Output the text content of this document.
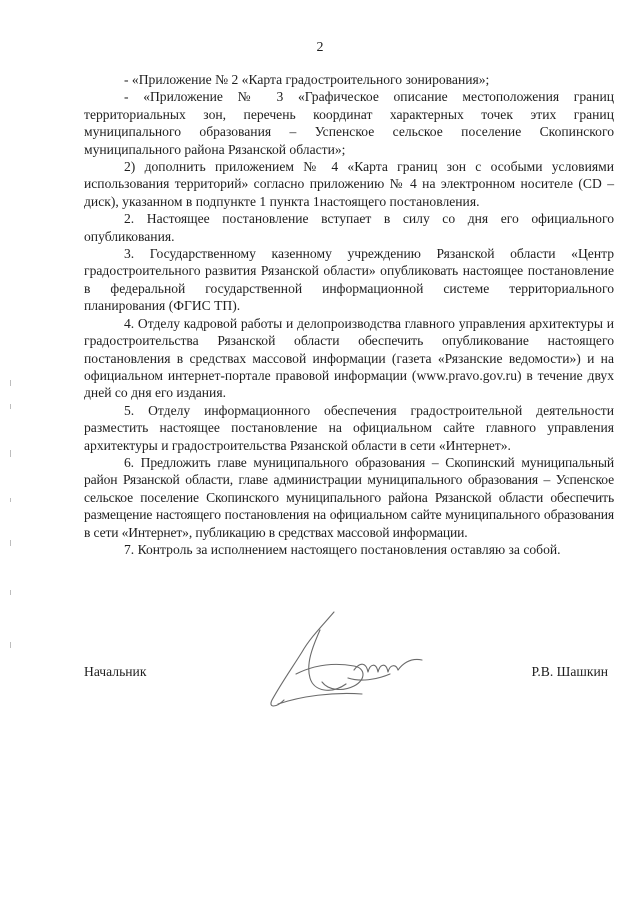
2

- «Приложение № 2 «Карта градостроительного зонирования»;

- «Приложение № 3 «Графическое описание местоположения границ территориальных зон, перечень координат характерных точек этих границ муниципального образования – Успенское сельское поселение Скопинского муниципального района Рязанской области»;

2) дополнить приложением № 4 «Карта границ зон с особыми условиями использования территорий» согласно приложению № 4 на электронном носителе (CD – диск), указанном в подпункте 1 пункта 1настоящего постановления.

2. Настоящее постановление вступает в силу со дня его официального опубликования.

3. Государственному казенному учреждению Рязанской области «Центр градостроительного развития Рязанской области» опубликовать настоящее постановление в федеральной государственной информационной системе территориального планирования (ФГИС ТП).

4. Отделу кадровой работы и делопроизводства главного управления архитектуры и градостроительства Рязанской области обеспечить опубликование настоящего постановления в средствах массовой информации (газета «Рязанские ведомости») и на официальном интернет-портале правовой информации (www.pravo.gov.ru) в течение двух дней со дня его издания.

5. Отделу информационного обеспечения градостроительной деятельности разместить настоящее постановление на официальном сайте главного управления архитектуры и градостроительства Рязанской области в сети «Интернет».

6. Предложить главе муниципального образования – Скопинский муниципальный район Рязанской области, главе администрации муниципального образования – Успенское сельское поселение Скопинского муниципального района Рязанской области обеспечить размещение настоящего постановления на официальном сайте муниципального образования в сети «Интернет», публикацию в средствах массовой информации.

7. Контроль за исполнением настоящего постановления оставляю за собой.

Начальник	Р.В. Шашкин
